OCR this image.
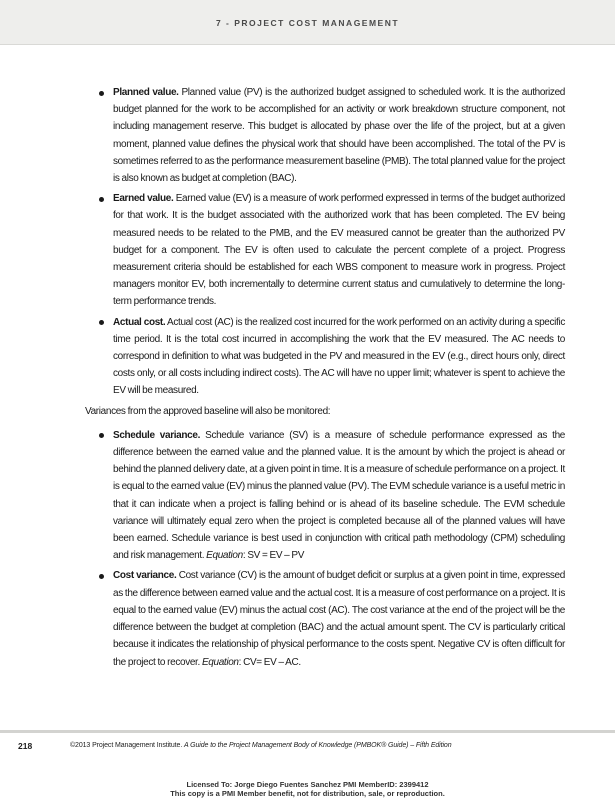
7 - PROJECT COST MANAGEMENT
Planned value. Planned value (PV) is the authorized budget assigned to scheduled work. It is the authorized budget planned for the work to be accomplished for an activity or work breakdown structure component, not including management reserve. This budget is allocated by phase over the life of the project, but at a given moment, planned value defines the physical work that should have been accomplished. The total of the PV is sometimes referred to as the performance measurement baseline (PMB). The total planned value for the project is also known as budget at completion (BAC).
Earned value. Earned value (EV) is a measure of work performed expressed in terms of the budget authorized for that work. It is the budget associated with the authorized work that has been completed. The EV being measured needs to be related to the PMB, and the EV measured cannot be greater than the authorized PV budget for a component. The EV is often used to calculate the percent complete of a project. Progress measurement criteria should be established for each WBS component to measure work in progress. Project managers monitor EV, both incrementally to determine current status and cumulatively to determine the long-term performance trends.
Actual cost. Actual cost (AC) is the realized cost incurred for the work performed on an activity during a specific time period. It is the total cost incurred in accomplishing the work that the EV measured. The AC needs to correspond in definition to what was budgeted in the PV and measured in the EV (e.g., direct hours only, direct costs only, or all costs including indirect costs). The AC will have no upper limit; whatever is spent to achieve the EV will be measured.

Variances from the approved baseline will also be monitored:

Schedule variance. Schedule variance (SV) is a measure of schedule performance expressed as the difference between the earned value and the planned value. It is the amount by which the project is ahead or behind the planned delivery date, at a given point in time. It is a measure of schedule performance on a project. It is equal to the earned value (EV) minus the planned value (PV). The EVM schedule variance is a useful metric in that it can indicate when a project is falling behind or is ahead of its baseline schedule. The EVM schedule variance will ultimately equal zero when the project is completed because all of the planned values will have been earned. Schedule variance is best used in conjunction with critical path methodology (CPM) scheduling and risk management. Equation: SV = EV – PV
Cost variance. Cost variance (CV) is the amount of budget deficit or surplus at a given point in time, expressed as the difference between earned value and the actual cost. It is a measure of cost performance on a project. It is equal to the earned value (EV) minus the actual cost (AC). The cost variance at the end of the project will be the difference between the budget at completion (BAC) and the actual amount spent. The CV is particularly critical because it indicates the relationship of physical performance to the costs spent. Negative CV is often difficult for the project to recover. Equation: CV= EV – AC.
218	©2013 Project Management Institute. A Guide to the Project Management Body of Knowledge (PMBOK® Guide) – Fifth Edition
Licensed To: Jorge Diego Fuentes Sanchez PMI MemberID: 2399412
This copy is a PMI Member benefit, not for distribution, sale, or reproduction.
